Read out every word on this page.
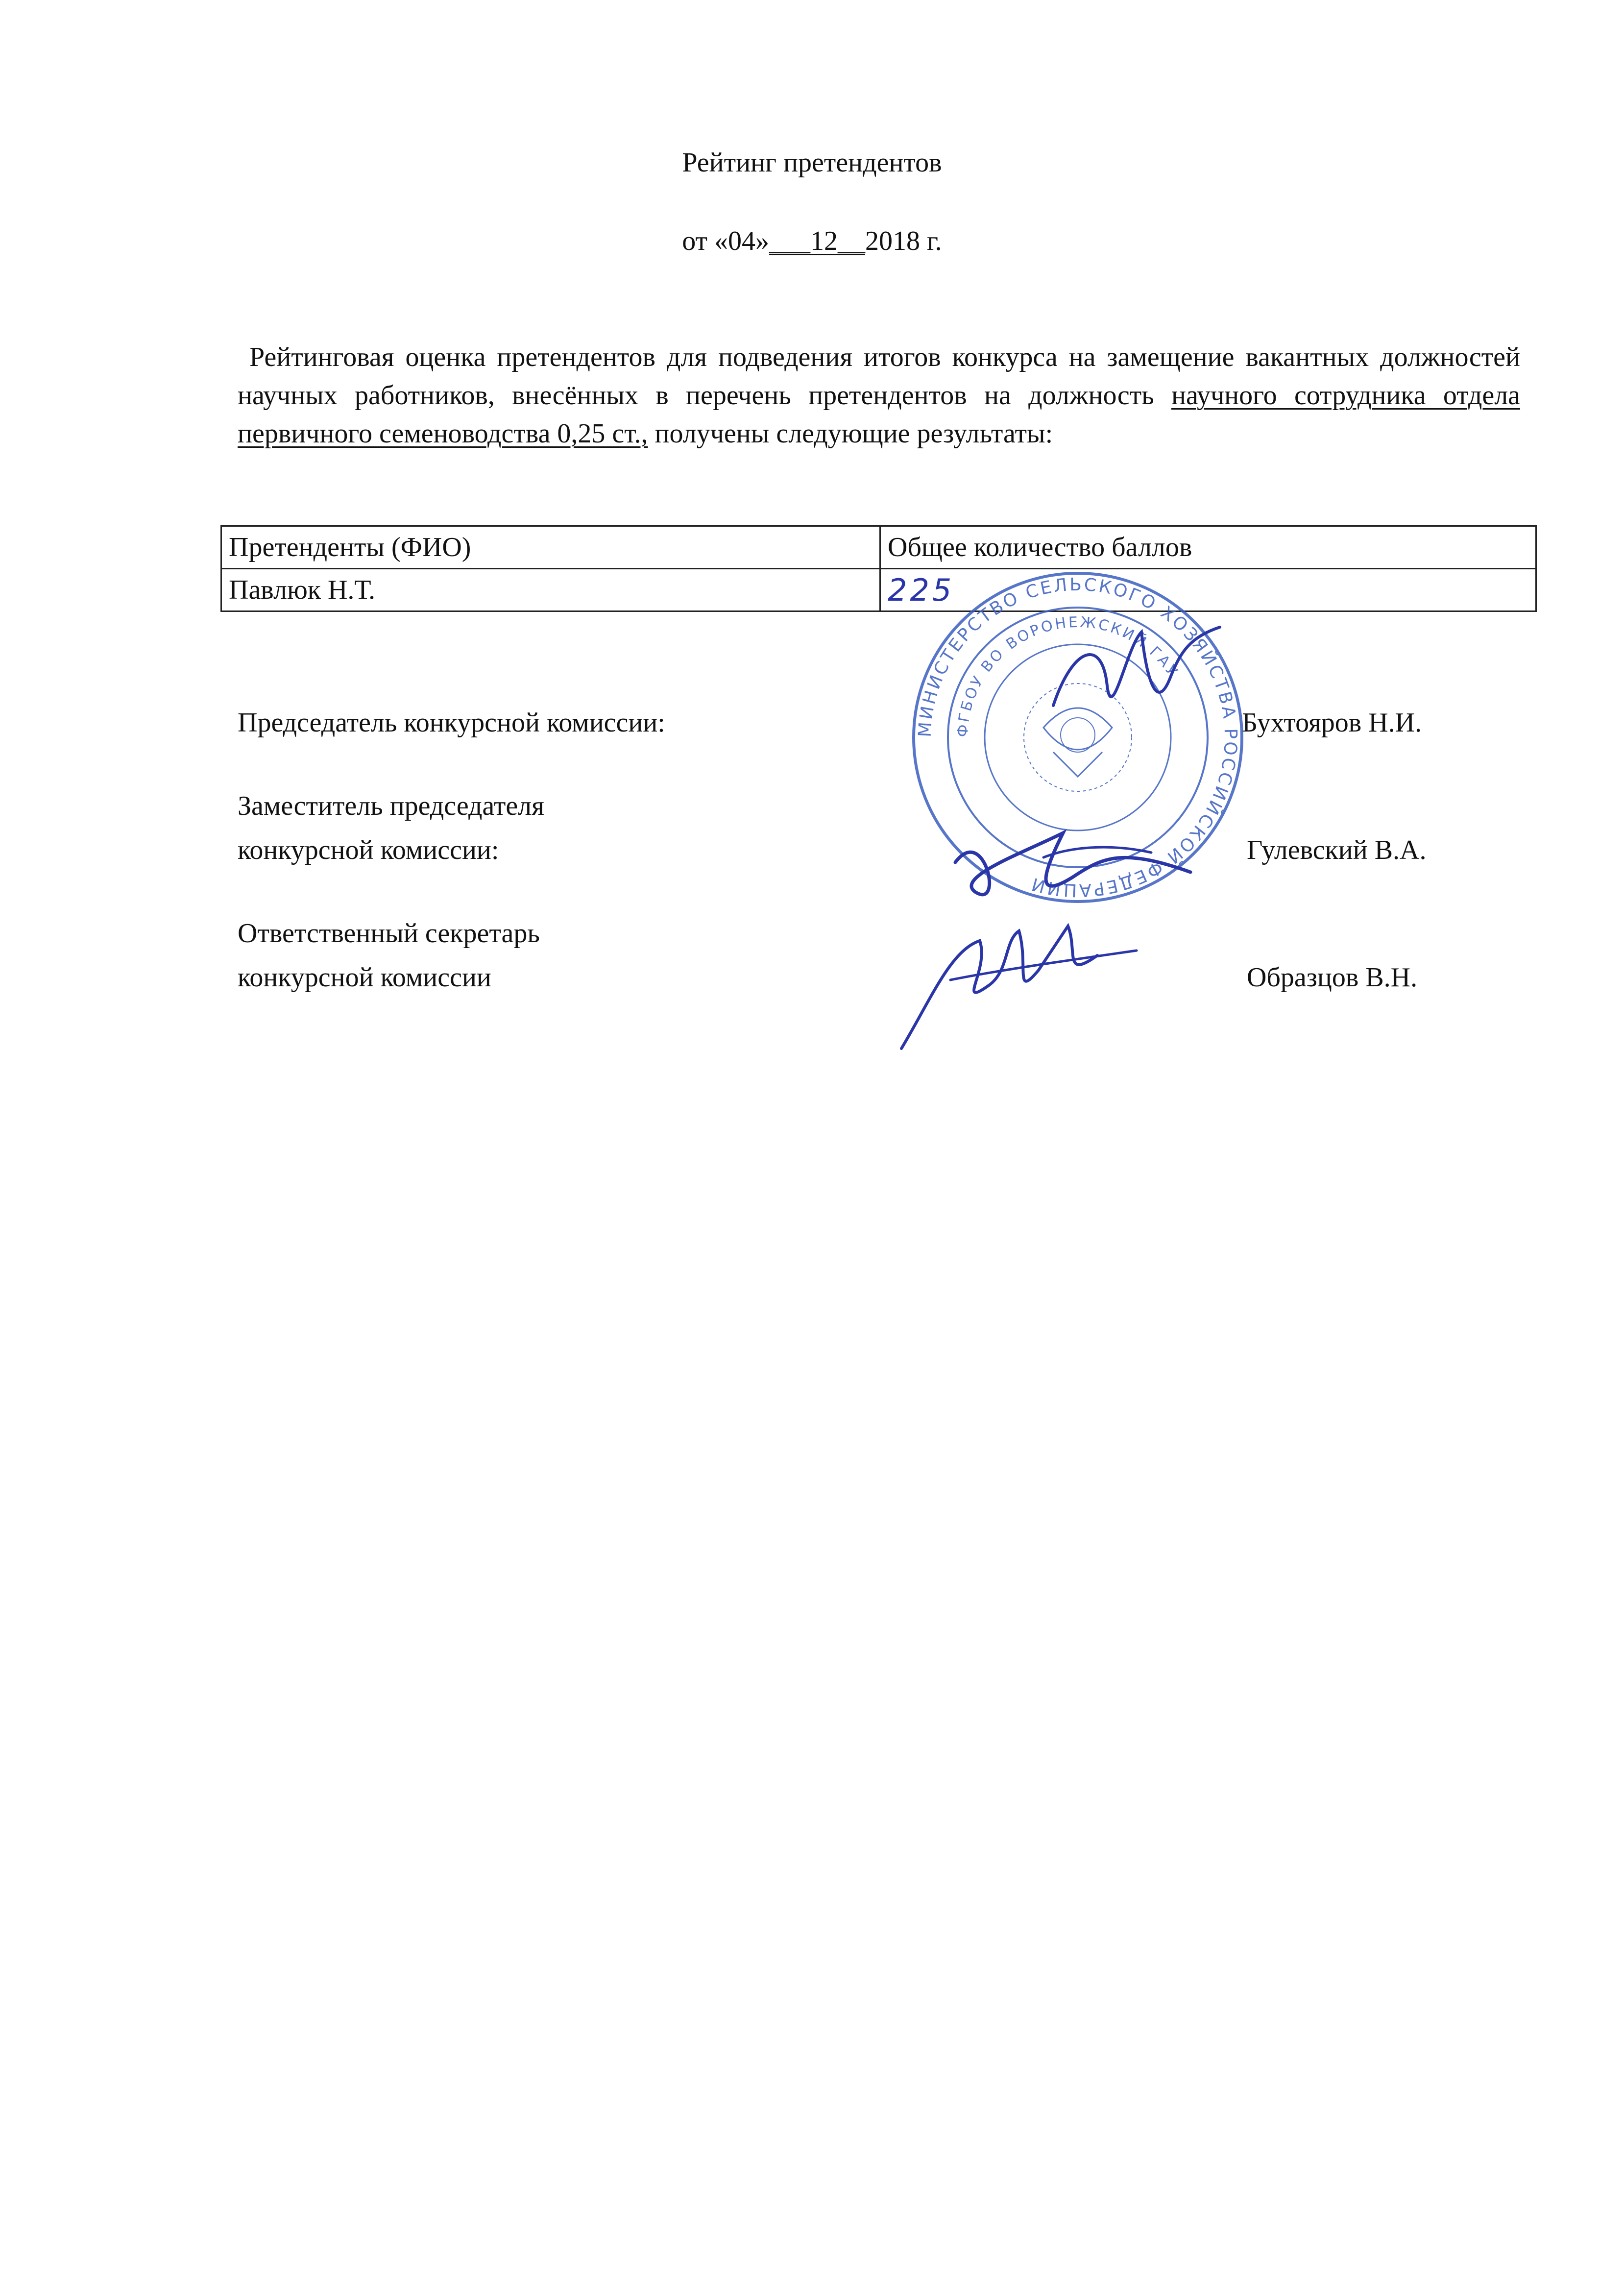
Рейтинг претендентов
от «04»___12__2018 г.
Рейтинговая оценка претендентов для подведения итогов конкурса на замещение вакантных должностей научных работников, внесённых в перечень претендентов на должность научного сотрудника отдела первичного семеноводства 0,25 ст., получены следующие результаты:
Претенденты (ФИО)	Общее количество баллов
Павлюк Н.Т.	225
МИНИСТЕРСТВО СЕЛЬСКОГО ХОЗЯЙСТВА РОССИЙСКОЙ ФЕДЕРАЦИИ
ФГБОУ ВО ВОРОНЕЖСКИЙ ГАУ
Председатель конкурсной комиссии:	Бухтояров Н.И.
Заместитель председателя
конкурсной комиссии:	Гулевский В.А.
Ответственный секретарь
конкурсной комиссии	Образцов В.Н.
